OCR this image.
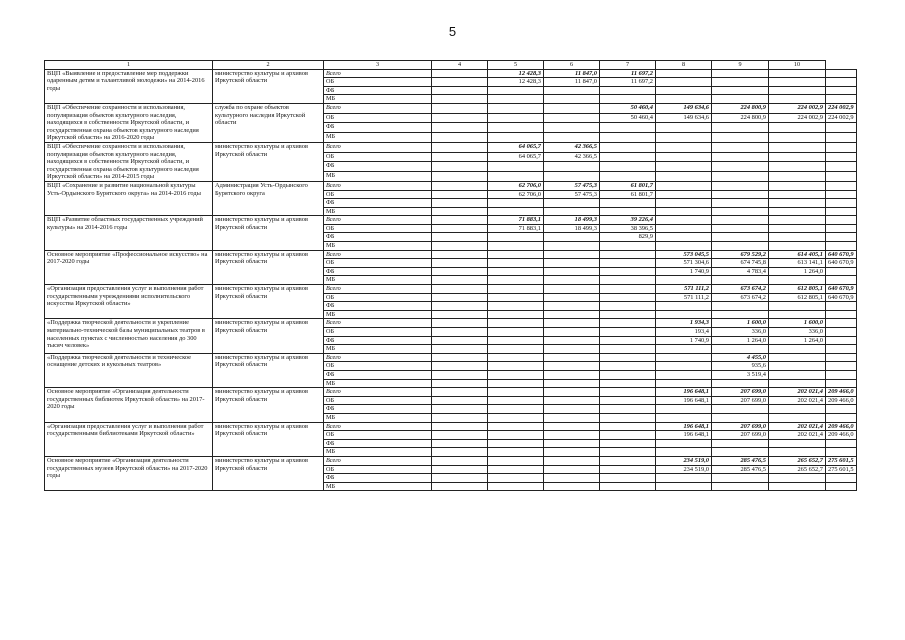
5
1	2	3	4	5	6	7	8	9	10	
ВЦП «Выявление и предоставление мер поддержки одаренным детям и талантливой молодежи» на 2014-2016 годы	министерство культуры и архивов Иркутской области	Всего		12 428,3	11 847,0	11 697,2				
		ОБ		12 428,3	11 847,0	11 697,2				
		ФБ								
		МБ								
ВЦП «Обеспечение сохранности и использования, популяризация объектов культурного наследия, находящихся в собственности Иркутской области, и государственная охрана объектов культурного наследия Иркутской области» на 2016-2020 годы	служба по охране объектов культурного наследия Иркутской области	Всего				50 460,4	149 634,6	224 800,9	224 002,9	224 002,9
		ОБ				50 460,4	149 634,6	224 800,9	224 002,9	224 002,9
		ФБ								
		МБ								
ВЦП «Обеспечение сохранности и использования, популяризация объектов культурного наследия, находящихся в собственности Иркутской области, и государственная охрана объектов культурного наследия Иркутской области» на 2014-2015 годы	министерство культуры и архивов Иркутской области	Всего		64 065,7	42 366,5					
		ОБ		64 065,7	42 366,5					
		ФБ								
		МБ								
ВЦП «Сохранение и развитие национальной культуры Усть-Ордынского Бурятского округа» на 2014-2016 годы	Администрация Усть-Ордынского Бурятского округа	Всего		62 706,0	57 475,3	61 801,7				
		ОБ		62 706,0	57 475,3	61 801,7				
		ФБ								
		МБ								
ВЦП «Развитие областных государственных учреждений культуры» на 2014-2016 годы	министерство культуры и архивов Иркутской области	Всего		71 883,1	18 499,3	39 226,4				
		ОБ		71 883,1	18 499,3	38 396,5				
		ФБ				829,9				
		МБ								
Основное мероприятие «Профессиональное искусство» на 2017-2020 годы	министерство культуры и архивов Иркутской области	Всего					573 045,5	679 529,2	614 405,1	640 670,9
		ОБ					571 304,6	674 745,8	613 141,1	640 670,9
		ФБ					1 740,9	4 783,4	1 264,0	
		МБ								
«Организация предоставления услуг и выполнения работ государственными учреждениями исполнительского искусства Иркутской области»	министерство культуры и архивов Иркутской области	Всего					571 111,2	673 674,2	612 805,1	640 670,9
		ОБ					571 111,2	673 674,2	612 805,1	640 670,9
		ФБ								
		МБ								
«Поддержка творческой деятельности и укрепление материально-технической базы муниципальных театров в населенных пунктах с численностью населения до 300 тысяч человек»	министерство культуры и архивов Иркутской области	Всего					1 934,3	1 600,0	1 600,0	
		ОБ					193,4	336,0	336,0	
		ФБ					1 740,9	1 264,0	1 264,0	
		МБ								
«Поддержка творческой деятельности и техническое оснащение детских и кукольных театров»	министерство культуры и архивов Иркутской области	Всего						4 455,0		
		ОБ						935,6		
		ФБ						3 519,4		
		МБ								
Основное мероприятие «Организация деятельности государственных библиотек Иркутской области» на 2017-2020 годы	министерство культуры и архивов Иркутской области	Всего					196 648,1	207 699,0	202 021,4	209 466,0
		ОБ					196 648,1	207 699,0	202 021,4	209 466,0
		ФБ								
		МБ								
«Организация предоставления услуг и выполнения работ государственными библиотеками Иркутской области»	министерство культуры и архивов Иркутской области	Всего					196 648,1	207 699,0	202 021,4	209 466,0
		ОБ					196 648,1	207 699,0	202 021,4	209 466,0
		ФБ								
		МБ								
Основное мероприятие «Организация деятельности государственных музеев Иркутской области» на 2017-2020 годы	министерство культуры и архивов Иркутской области	Всего					234 519,0	285 476,5	265 652,7	275 601,5
		ОБ					234 519,0	285 476,5	265 652,7	275 601,5
		ФБ								
		МБ								
